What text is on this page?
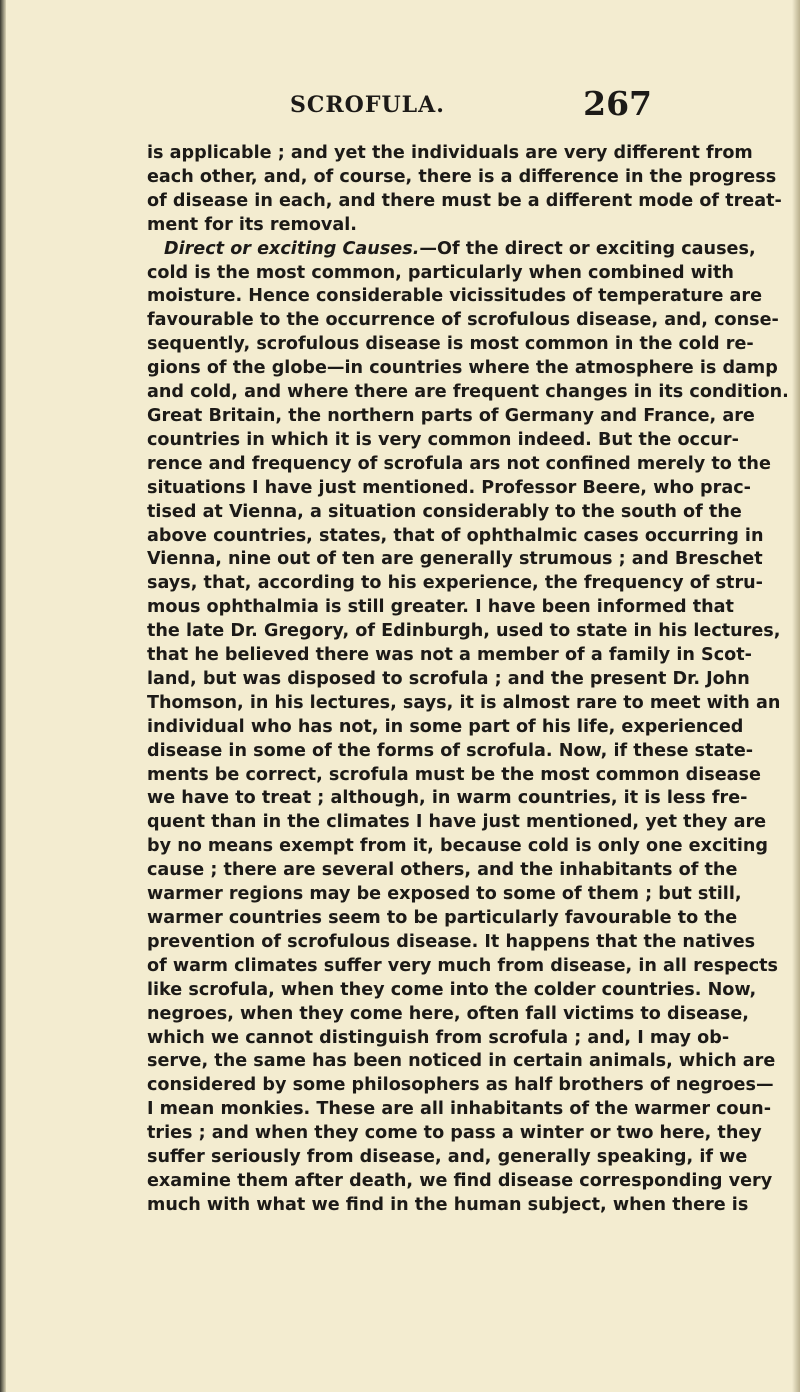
SCROFULA.	267

is applicable ; and yet the individuals are very different from
each other, and, of course, there is a difference in the progress
of disease in each, and there must be a different mode of treat-
ment for its removal.

Direct or exciting Causes.—Of the direct or exciting causes,
cold is the most common, particularly when combined with
moisture. Hence considerable vicissitudes of temperature are
favourable to the occurrence of scrofulous disease, and, conse-
sequently, scrofulous disease is most common in the cold re-
gions of the globe—in countries where the atmosphere is damp
and cold, and where there are frequent changes in its condition.
Great Britain, the northern parts of Germany and France, are
countries in which it is very common indeed. But the occur-
rence and frequency of scrofula ars not confined merely to the
situations I have just mentioned. Professor Beere, who prac-
tised at Vienna, a situation considerably to the south of the
above countries, states, that of ophthalmic cases occurring in
Vienna, nine out of ten are generally strumous ; and Breschet
says, that, according to his experience, the frequency of stru-
mous ophthalmia is still greater. I have been informed that
the late Dr. Gregory, of Edinburgh, used to state in his lectures,
that he believed there was not a member of a family in Scot-
land, but was disposed to scrofula ; and the present Dr. John
Thomson, in his lectures, says, it is almost rare to meet with an
individual who has not, in some part of his life, experienced
disease in some of the forms of scrofula. Now, if these state-
ments be correct, scrofula must be the most common disease
we have to treat ; although, in warm countries, it is less fre-
quent than in the climates I have just mentioned, yet they are
by no means exempt from it, because cold is only one exciting
cause ; there are several others, and the inhabitants of the
warmer regions may be exposed to some of them ; but still,
warmer countries seem to be particularly favourable to the
prevention of scrofulous disease. It happens that the natives
of warm climates suffer very much from disease, in all respects
like scrofula, when they come into the colder countries. Now,
negroes, when they come here, often fall victims to disease,
which we cannot distinguish from scrofula ; and, I may ob-
serve, the same has been noticed in certain animals, which are
considered by some philosophers as half brothers of negroes—
I mean monkies. These are all inhabitants of the warmer coun-
tries ; and when they come to pass a winter or two here, they
suffer seriously from disease, and, generally speaking, if we
examine them after death, we find disease corresponding very
much with what we find in the human subject, when there is
